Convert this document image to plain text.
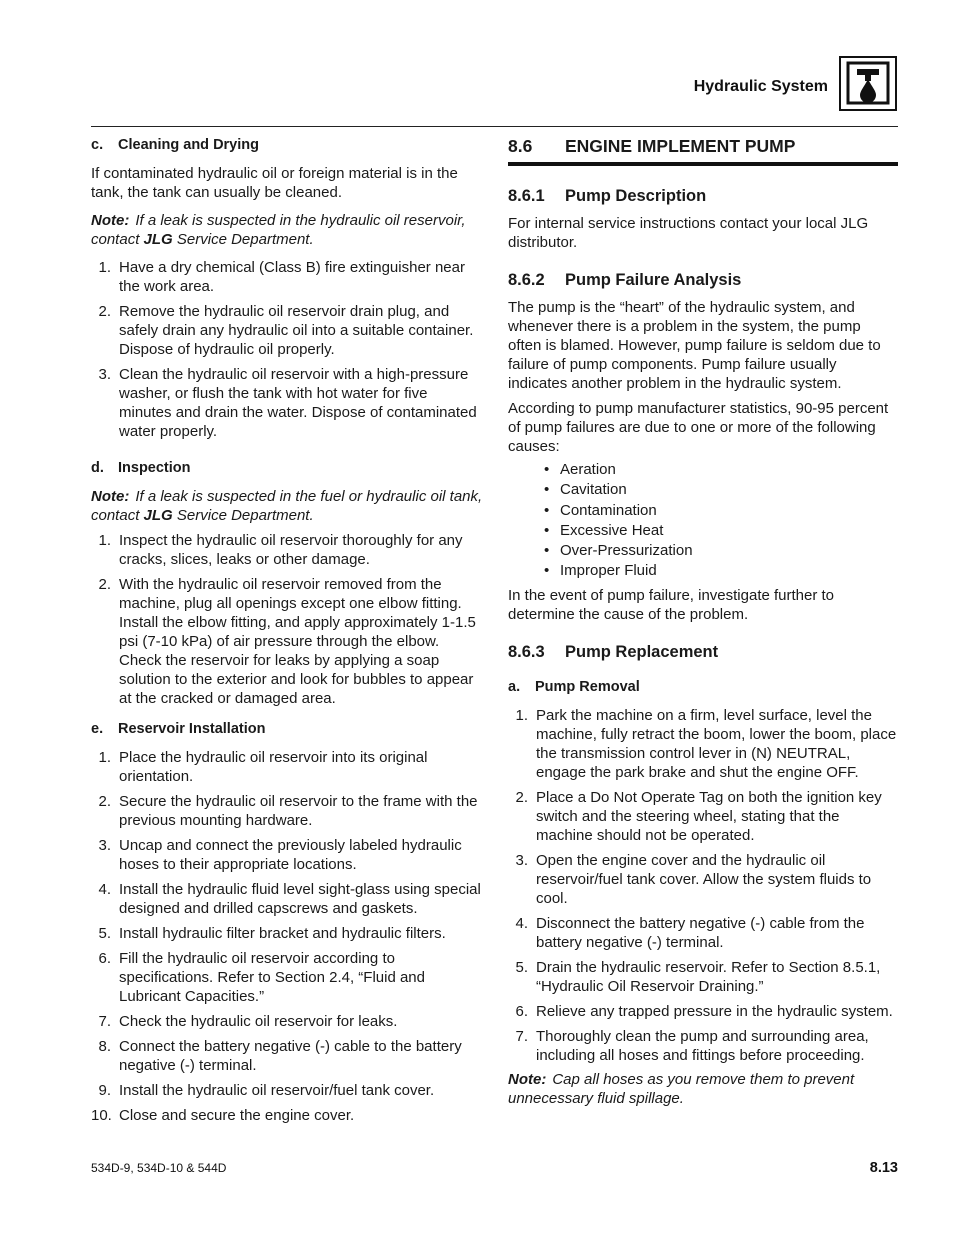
Hydraulic System
c. Cleaning and Drying

If contaminated hydraulic oil or foreign material is in the tank, the tank can usually be cleaned.

Note: If a leak is suspected in the hydraulic oil reservoir, contact JLG Service Department.

1. Have a dry chemical (Class B) fire extinguisher near the work area.
2. Remove the hydraulic oil reservoir drain plug, and safely drain any hydraulic oil into a suitable container. Dispose of hydraulic oil properly.
3. Clean the hydraulic oil reservoir with a high-pressure washer, or flush the tank with hot water for five minutes and drain the water. Dispose of contaminated water properly.
d. Inspection

Note: If a leak is suspected in the fuel or hydraulic oil tank, contact JLG Service Department.

1. Inspect the hydraulic oil reservoir thoroughly for any cracks, slices, leaks or other damage.
2. With the hydraulic oil reservoir removed from the machine, plug all openings except one elbow fitting. Install the elbow fitting, and apply approximately 1-1.5 psi (7-10 kPa) of air pressure through the elbow. Check the reservoir for leaks by applying a soap solution to the exterior and look for bubbles to appear at the cracked or damaged area.
e. Reservoir Installation
1. Place the hydraulic oil reservoir into its original orientation.
2. Secure the hydraulic oil reservoir to the frame with the previous mounting hardware.
3. Uncap and connect the previously labeled hydraulic hoses to their appropriate locations.
4. Install the hydraulic fluid level sight-glass using special designed and drilled capscrews and gaskets.
5. Install hydraulic filter bracket and hydraulic filters.
6. Fill the hydraulic oil reservoir according to specifications. Refer to Section 2.4, “Fluid and Lubricant Capacities.”
7. Check the hydraulic oil reservoir for leaks.
8. Connect the battery negative (-) cable to the battery negative (-) terminal.
9. Install the hydraulic oil reservoir/fuel tank cover.
10. Close and secure the engine cover.
8.6 ENGINE IMPLEMENT PUMP
8.6.1 Pump Description

For internal service instructions contact your local JLG distributor.

8.6.2 Pump Failure Analysis

The pump is the “heart” of the hydraulic system, and whenever there is a problem in the system, the pump often is blamed. However, pump failure is seldom due to failure of pump components. Pump failure usually indicates another problem in the hydraulic system.

According to pump manufacturer statistics, 90-95 percent of pump failures are due to one or more of the following causes:

• Aeration
• Cavitation
• Contamination
• Excessive Heat
• Over-Pressurization
• Improper Fluid

In the event of pump failure, investigate further to determine the cause of the problem.

8.6.3 Pump Replacement
a. Pump Removal
1. Park the machine on a firm, level surface, level the machine, fully retract the boom, lower the boom, place the transmission control lever in (N) NEUTRAL, engage the park brake and shut the engine OFF.
2. Place a Do Not Operate Tag on both the ignition key switch and the steering wheel, stating that the machine should not be operated.
3. Open the engine cover and the hydraulic oil reservoir/fuel tank cover. Allow the system fluids to cool.
4. Disconnect the battery negative (-) cable from the battery negative (-) terminal.
5. Drain the hydraulic reservoir. Refer to Section 8.5.1, “Hydraulic Oil Reservoir Draining.”
6. Relieve any trapped pressure in the hydraulic system.
7. Thoroughly clean the pump and surrounding area, including all hoses and fittings before proceeding.

Note: Cap all hoses as you remove them to prevent unnecessary fluid spillage.

534D-9, 534D-10 & 544D	8.13
